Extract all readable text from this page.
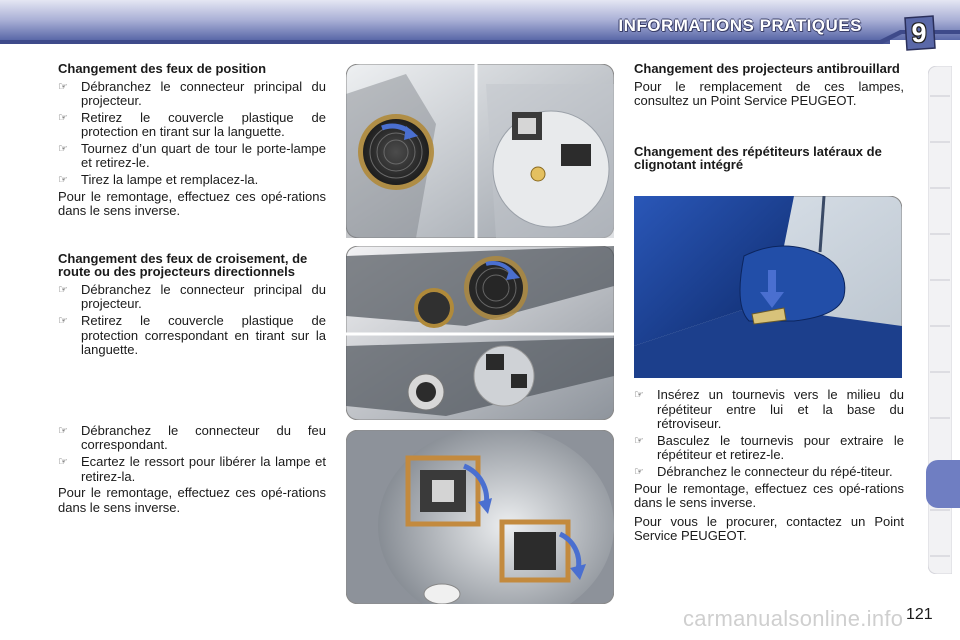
INFORMATIONS PRATIQUES	9
Changement des feux de position
☞ Débranchez le connecteur principal du projecteur.
☞ Retirez le couvercle plastique de protection en tirant sur la languette.
☞ Tournez d’un quart de tour le porte-lampe et retirez-le.
☞ Tirez la lampe et remplacez-la.
Pour le remontage, effectuez ces opé-rations dans le sens inverse.
Changement des feux de croisement, de route ou des projecteurs directionnels
☞ Débranchez le connecteur principal du projecteur.
☞ Retirez le couvercle plastique de protection correspondant en tirant sur la languette.
☞ Débranchez le connecteur du feu correspondant.
☞ Ecartez le ressort pour libérer la lampe et retirez-la.
Pour le remontage, effectuez ces opé-rations dans le sens inverse.
Changement des projecteurs antibrouillard
Pour le remplacement de ces lampes, consultez un Point Service PEUGEOT.
Changement des répétiteurs latéraux de clignotant intégré
☞ Insérez un tournevis vers le milieu du répétiteur entre lui et la base du rétroviseur.
☞ Basculez le tournevis pour extraire le répétiteur et retirez-le.
☞ Débranchez le connecteur du répé-titeur.
Pour le remontage, effectuez ces opé-rations dans le sens inverse.
Pour vous le procurer, contactez un Point Service PEUGEOT.
carmanualsonline.info 121
